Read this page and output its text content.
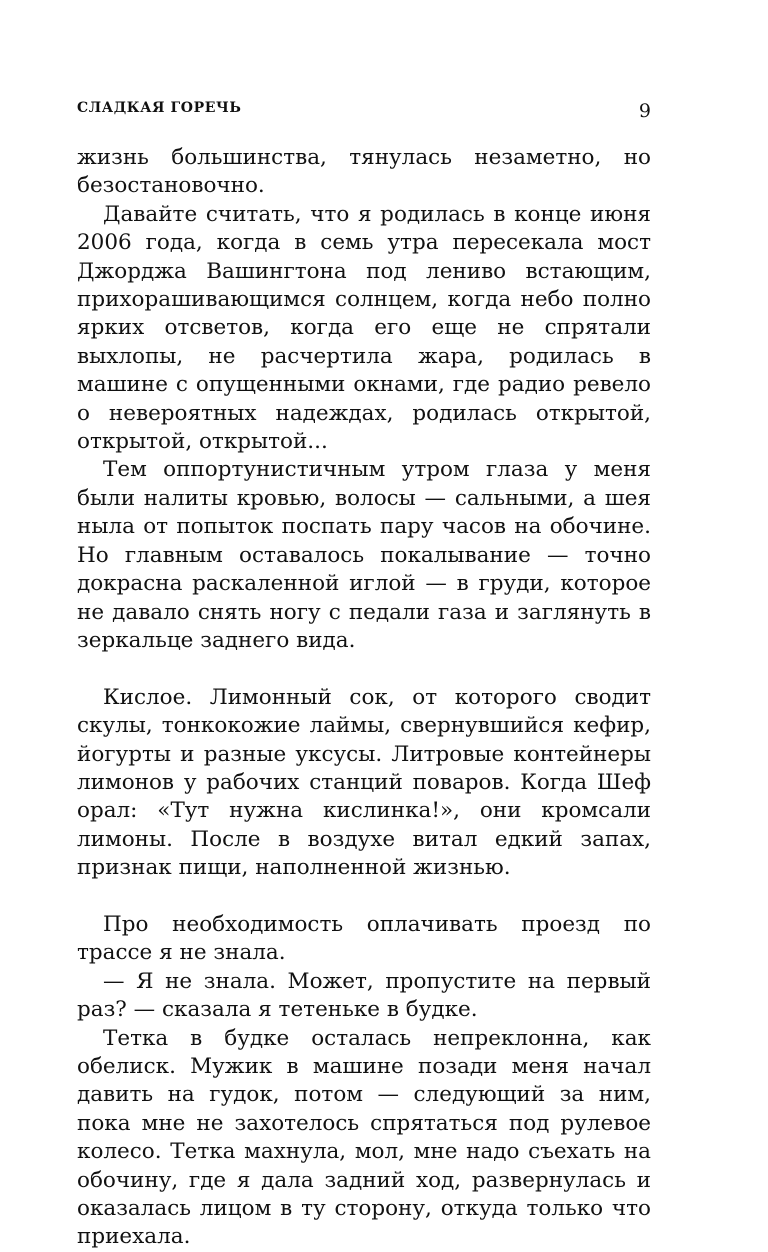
СЛАДКАЯ ГОРЕЧЬ	9

жизнь большинства, тянулась незаметно, но безостановочно.

Давайте считать, что я родилась в конце июня 2006 года, когда в семь утра пересекала мост Джорджа Вашингтона под лениво встающим, прихорашивающимся солнцем, когда небо полно ярких отсветов, когда его еще не спрятали выхлопы, не расчертила жара, родилась в машине с опущенными окнами, где радио ревело о невероятных надеждах, родилась открытой, открытой, открытой...

Тем оппортунистичным утром глаза у меня были налиты кровью, волосы — сальными, а шея ныла от попыток поспать пару часов на обочине. Но главным оставалось покалывание — точно докрасна раскаленной иглой — в груди, которое не давало снять ногу с педали газа и заглянуть в зеркальце заднего вида.

Кислое. Лимонный сок, от которого сводит скулы, тонкокожие лаймы, свернувшийся кефир, йогурты и разные уксусы. Литровые контейнеры лимонов у рабочих станций поваров. Когда Шеф орал: «Тут нужна кислинка!», они кромсали лимоны. После в воздухе витал едкий запах, признак пищи, наполненной жизнью.

Про необходимость оплачивать проезд по трассе я не знала.

— Я не знала. Может, пропустите на первый раз? — сказала я тетеньке в будке.

Тетка в будке осталась непреклонна, как обелиск. Мужик в машине позади меня начал давить на гудок, потом — следующий за ним, пока мне не захотелось спрятаться под рулевое колесо. Тетка махнула, мол, мне надо съехать на обочину, где я дала задний ход, развернулась и оказалась лицом в ту сторону, откуда только что приехала.
